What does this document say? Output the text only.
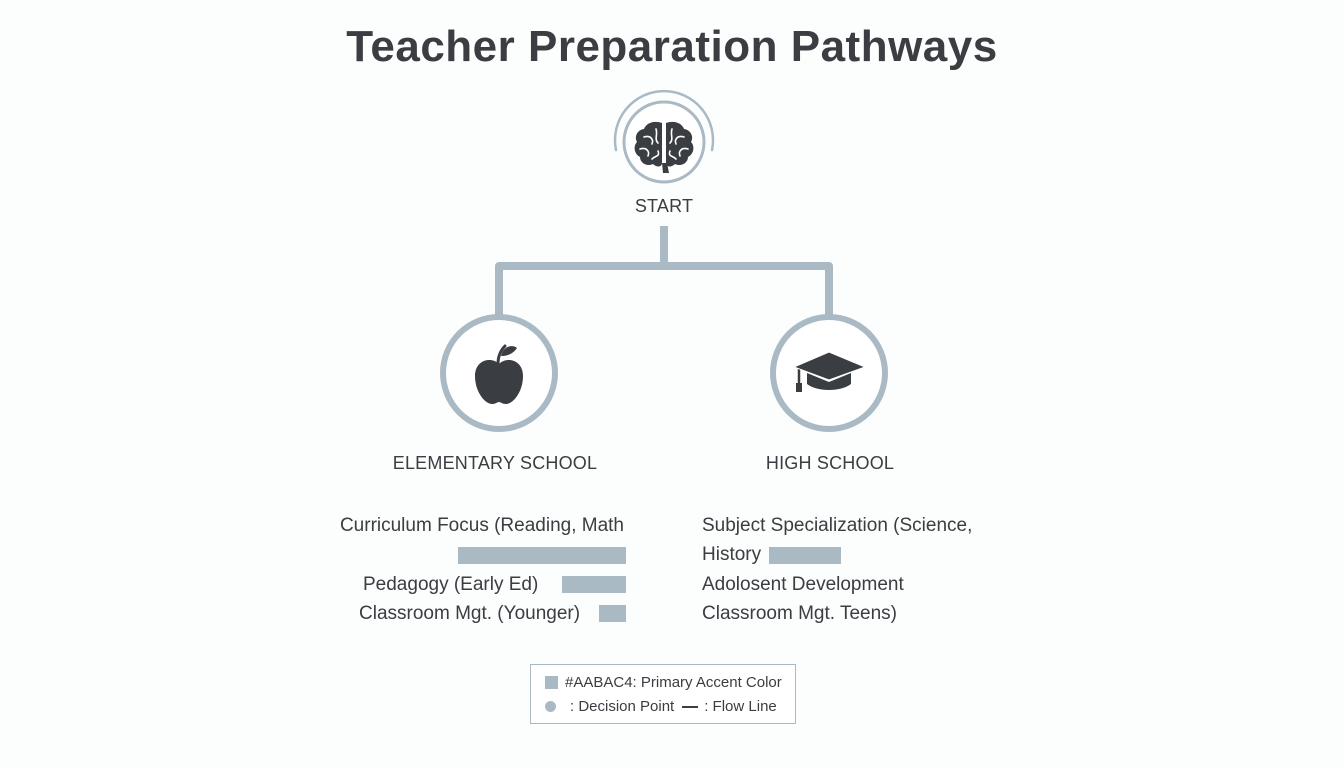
Teacher Preparation Pathways
START
ELEMENTARY SCHOOL	HIGH SCHOOL
Curriculum Focus (Reading, Math
Pedagogy (Early Ed)
Classroom Mgt. (Younger)
Subject Specialization (Science,
History
Adolosent Development
Classroom Mgt. Teens)
#AABAC4: Primary Accent Color
: Decision Point : Flow Line
